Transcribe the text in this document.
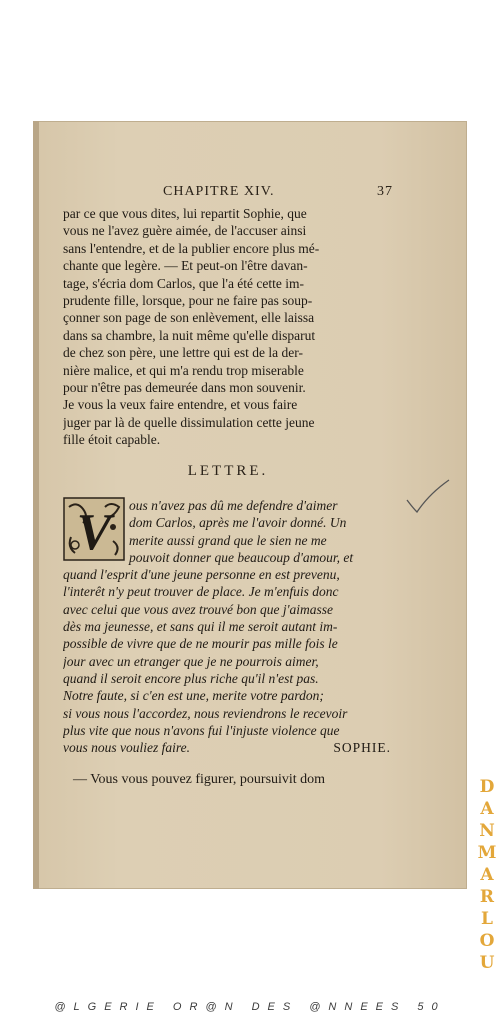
CHAPITRE XIV.	37
par ce que vous dites, lui repartit Sophie, que
vous ne l'avez guère aimée, de l'accuser ainsi
sans l'entendre, et de la publier encore plus mé-
chante que legère. — Et peut-on l'être davan-
tage, s'écria dom Carlos, que l'a été cette im-
prudente fille, lorsque, pour ne faire pas soup-
çonner son page de son enlèvement, elle laissa
dans sa chambre, la nuit même qu'elle disparut
de chez son père, une lettre qui est de la der-
nière malice, et qui m'a rendu trop miserable
pour n'être pas demeurée dans mon souvenir.
Je vous la veux faire entendre, et vous faire
juger par là de quelle dissimulation cette jeune
fille étoit capable.
LETTRE.
V	ous n'avez pas dû me defendre d'aimer
dom Carlos, après me l'avoir donné. Un
merite aussi grand que le sien ne me
pouvoit donner que beaucoup d'amour, et
quand l'esprit d'une jeune personne en est prevenu,
l'interêt n'y peut trouver de place. Je m'enfuis donc
avec celui que vous avez trouvé bon que j'aimasse
dès ma jeunesse, et sans qui il me seroit autant im-
possible de vivre que de ne mourir pas mille fois le
jour avec un etranger que je ne pourrois aimer,
quand il seroit encore plus riche qu'il n'est pas.
Notre faute, si c'en est une, merite votre pardon;
si vous nous l'accordez, nous reviendrons le recevoir
plus vite que nous n'avons fui l'injuste violence que
vous nous vouliez faire.	SOPHIE.
— Vous vous pouvez figurer, poursuivit dom	D
A
N
M
A
R
L
O
U
@LGERIE OR@N DES @NNEES 50
